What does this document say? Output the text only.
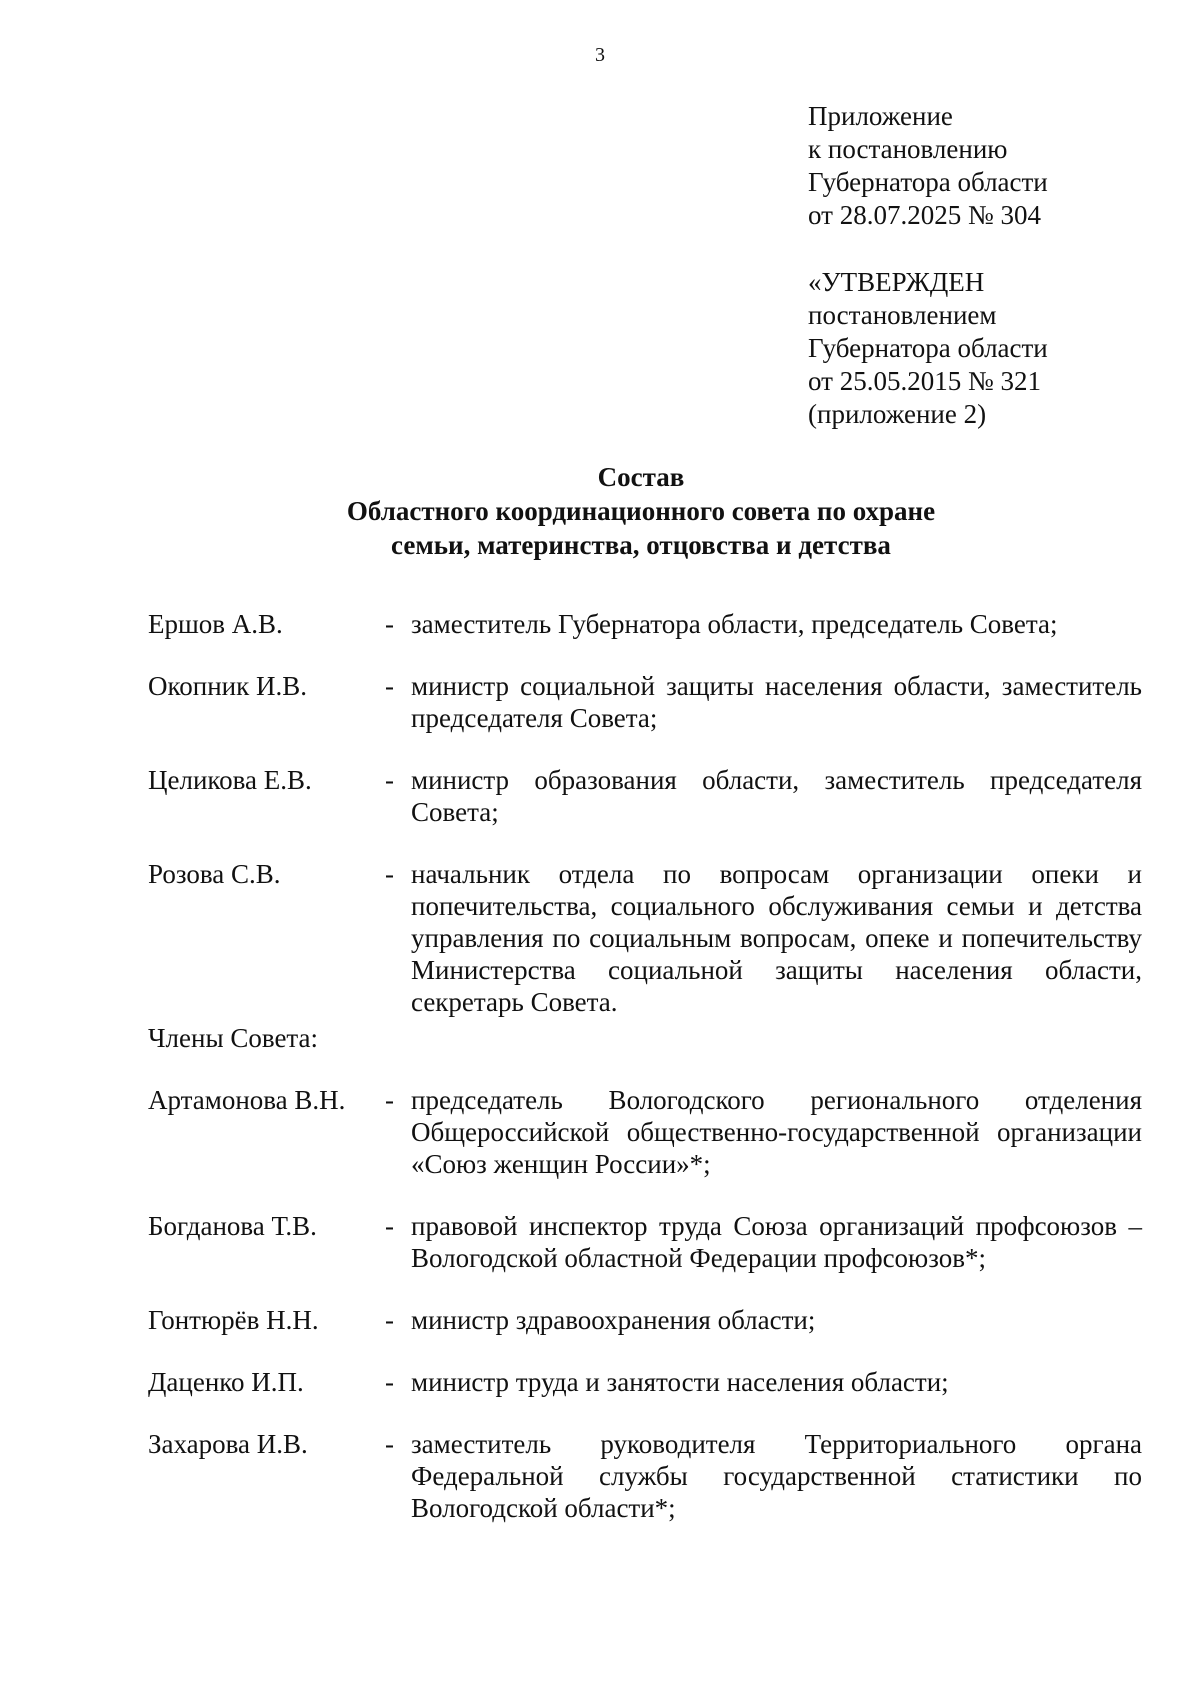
3
Приложение
к постановлению
Губернатора области
от 28.07.2025 № 304
«УТВЕРЖДЕН
постановлением
Губернатора области
от 25.05.2015 № 321
(приложение 2)
Состав
Областного координационного совета по охране
семьи, материнства, отцовства и детства
Ершов А.В.	- заместитель Губернатора области, председатель Совета;
Окопник И.В.	- министр социальной защиты населения области, заместитель председателя Совета;
Целикова Е.В.	- министр образования области, заместитель председателя Совета;
Розова С.В.	- начальник отдела по вопросам организации опеки и попечительства, социального обслуживания семьи и детства управления по социальным вопросам, опеке и попечительству Министерства социальной защиты населения области, секретарь Совета.
Члены Совета:
Артамонова В.Н.	- председатель Вологодского регионального отделения Общероссийской общественно-государственной организации «Союз женщин России»*;
Богданова Т.В.	- правовой инспектор труда Союза организаций профсоюзов – Вологодской областной Федерации профсоюзов*;
Гонтюрёв Н.Н.	- министр здравоохранения области;
Даценко И.П.	- министр труда и занятости населения области;
Захарова И.В.	- заместитель руководителя Территориального органа Федеральной службы государственной статистики по Вологодской области*;
